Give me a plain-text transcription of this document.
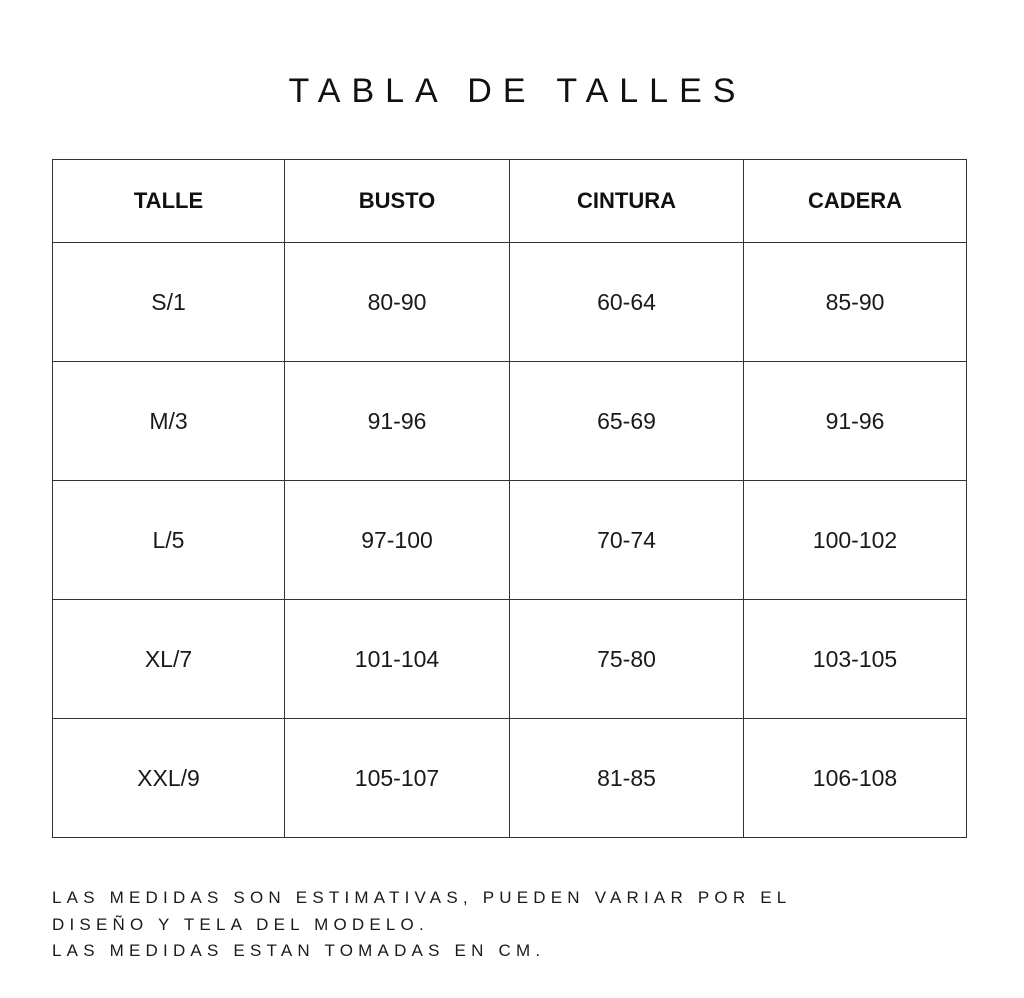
TABLA DE TALLES
TALLE	BUSTO	CINTURA	CADERA
S/1	80-90	60-64	85-90
M/3	91-96	65-69	91-96
L/5	97-100	70-74	100-102
XL/7	101-104	75-80	103-105
XXL/9	105-107	81-85	106-108
LAS MEDIDAS SON ESTIMATIVAS, PUEDEN VARIAR POR EL
DISEÑO Y TELA DEL MODELO.
LAS MEDIDAS ESTAN TOMADAS EN CM.
